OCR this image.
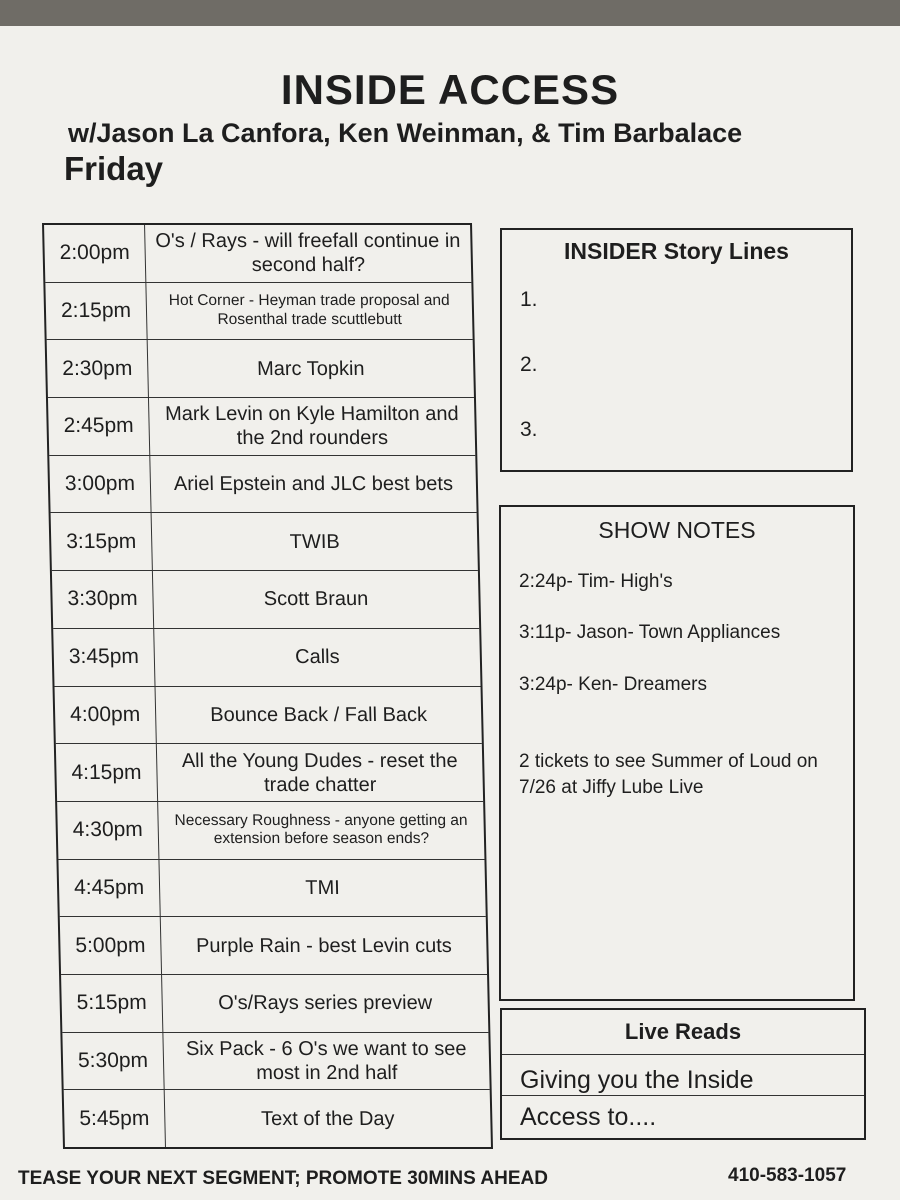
INSIDE ACCESS
w/Jason La Canfora, Ken Weinman, & Tim Barbalace
Friday
2:00pm	O's / Rays - will freefall continue in second half?
2:15pm	Hot Corner - Heyman trade proposal and Rosenthal trade scuttlebutt
2:30pm	Marc Topkin
2:45pm	Mark Levin on Kyle Hamilton and the 2nd rounders
3:00pm	Ariel Epstein and JLC best bets
3:15pm	TWIB
3:30pm	Scott Braun
3:45pm	Calls
4:00pm	Bounce Back / Fall Back
4:15pm	All the Young Dudes - reset the trade chatter
4:30pm	Necessary Roughness - anyone getting an extension before season ends?
4:45pm	TMI
5:00pm	Purple Rain - best Levin cuts
5:15pm	O's/Rays series preview
5:30pm	Six Pack - 6 O's we want to see most in 2nd half
5:45pm	Text of the Day
INSIDER Story Lines
1.
2.
3.
SHOW NOTES
2:24p- Tim- High's
3:11p- Jason- Town Appliances
3:24p- Ken- Dreamers
2 tickets to see Summer of Loud on 7/26 at Jiffy Lube Live
Live Reads
Giving you the Inside
Access to....
TEASE YOUR NEXT SEGMENT; PROMOTE 30MINS AHEAD	410-583-1057
